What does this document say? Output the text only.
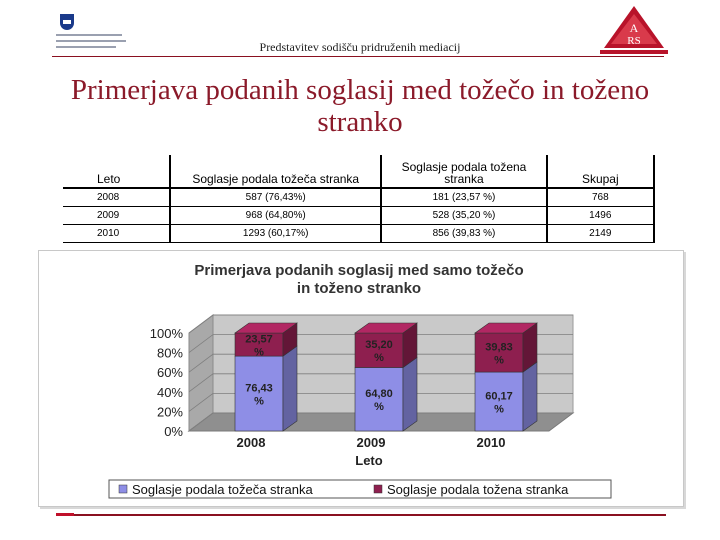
Predstavitev sodišču pridruženih mediacij
A
RS
Primerjava podanih soglasij med tožečo in toženo stranko
Leto	Soglasje podala tožeča stranka	Soglasje podala tožena stranka	Skupaj
2008	587 (76,43%)	181 (23,57 %)	768
2009	968 (64,80%)	528 (35,20 %)	1496
2010	1293 (60,17%)	856 (39,83 %)	2149
Primerjava podanih soglasij med samo tožečo
in toženo stranko
0%
20%
40%
60%
80%
100%
76,43
%
23,57
%
2008
64,80
%
35,20
%
2009
60,17
%
39,83
%
2010
Leto
Soglasje podala tožeča stranka	Soglasje podala tožena stranka
